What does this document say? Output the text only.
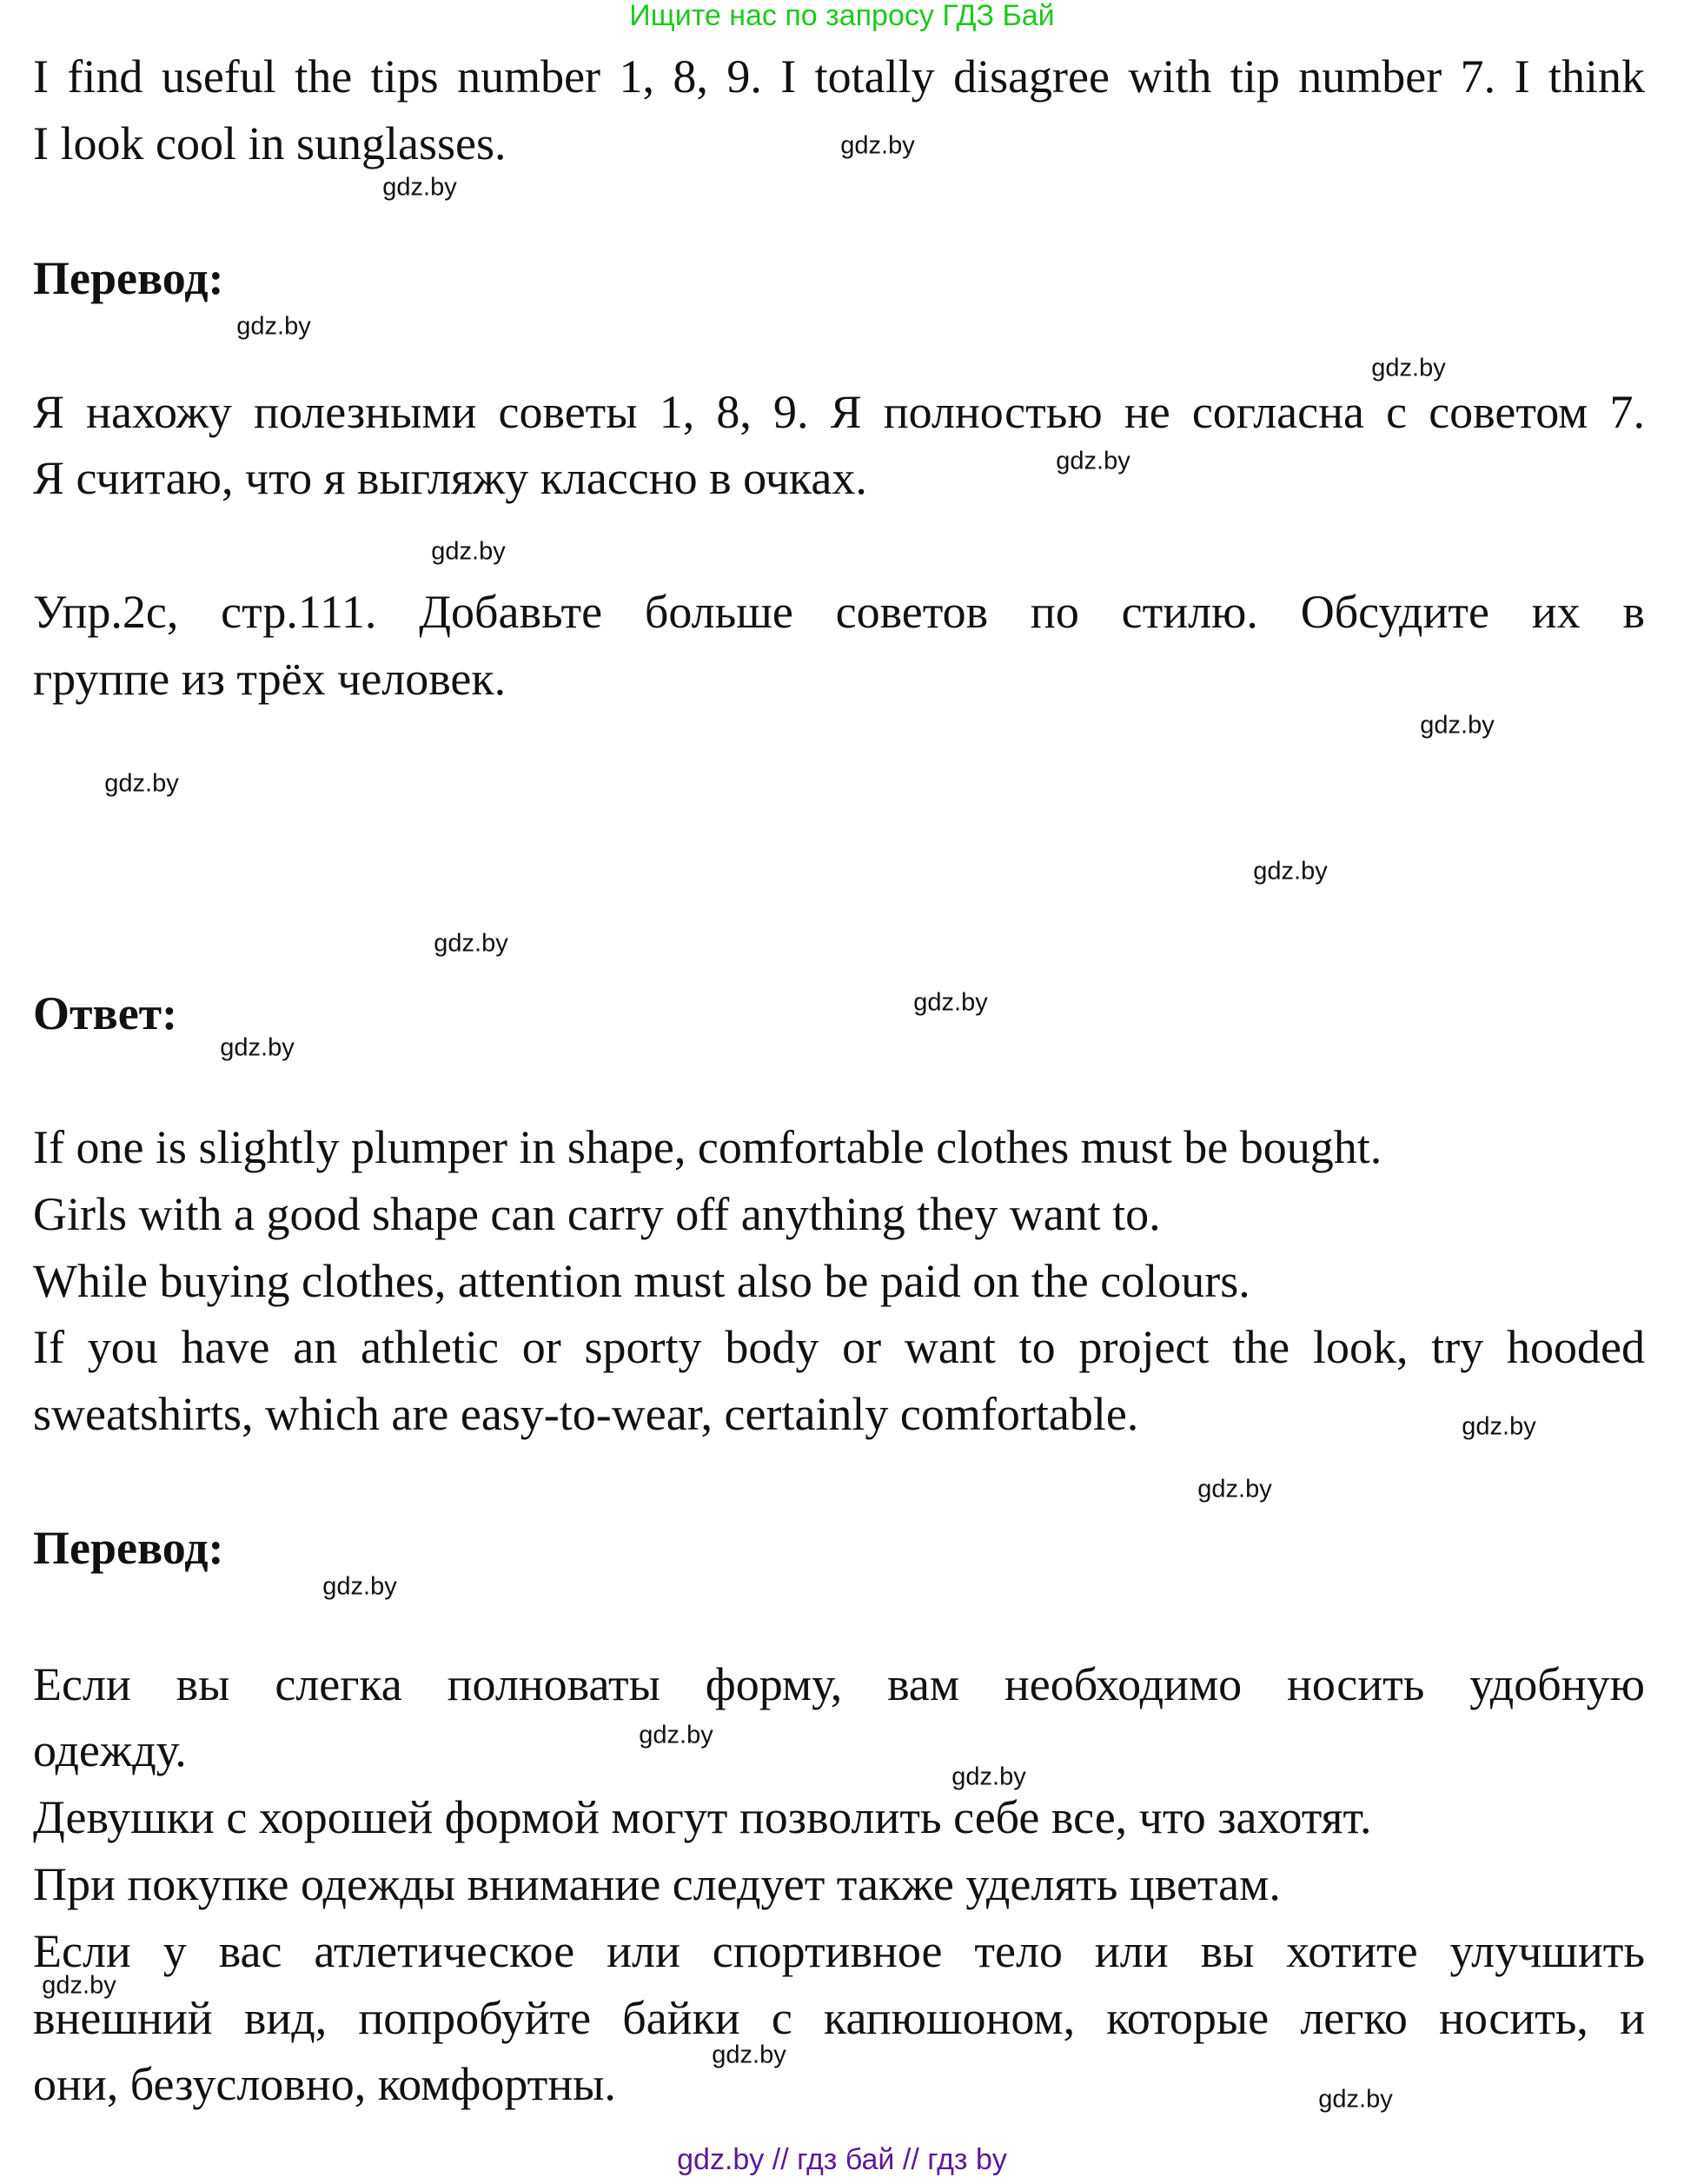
Ищите нас по запросу ГДЗ Бай
I find useful the tips number 1, 8, 9. I totally disagree with tip number 7. I think
I look cool in sunglasses.
Перевод:
Я нахожу полезными советы 1, 8, 9. Я полностью не согласна с советом 7.
Я считаю, что я выгляжу классно в очках.
Упр.2c, стр.111. Добавьте больше советов по стилю. Обсудите их в
группе из трёх человек.
Ответ:
If one is slightly plumper in shape, comfortable clothes must be bought.
Girls with a good shape can carry off anything they want to.
While buying clothes, attention must also be paid on the colours.
If you have an athletic or sporty body or want to project the look, try hooded
sweatshirts, which are easy-to-wear, certainly comfortable.
Перевод:
Если вы слегка полноваты форму, вам необходимо носить удобную
одежду.
Девушки с хорошей формой могут позволить себе все, что захотят.
При покупке одежды внимание следует также уделять цветам.
Если у вас атлетическое или спортивное тело или вы хотите улучшить
внешний вид, попробуйте байки с капюшоном, которые легко носить, и
они, безусловно, комфортны.
gdz.by
gdz.by
gdz.by
gdz.by
gdz.by
gdz.by
gdz.by
gdz.by
gdz.by
gdz.by
gdz.by
gdz.by
gdz.by
gdz.by
gdz.by
gdz.by
gdz.by
gdz.by
gdz.by
gdz.by
gdz.by // гдз бай // гдз by
